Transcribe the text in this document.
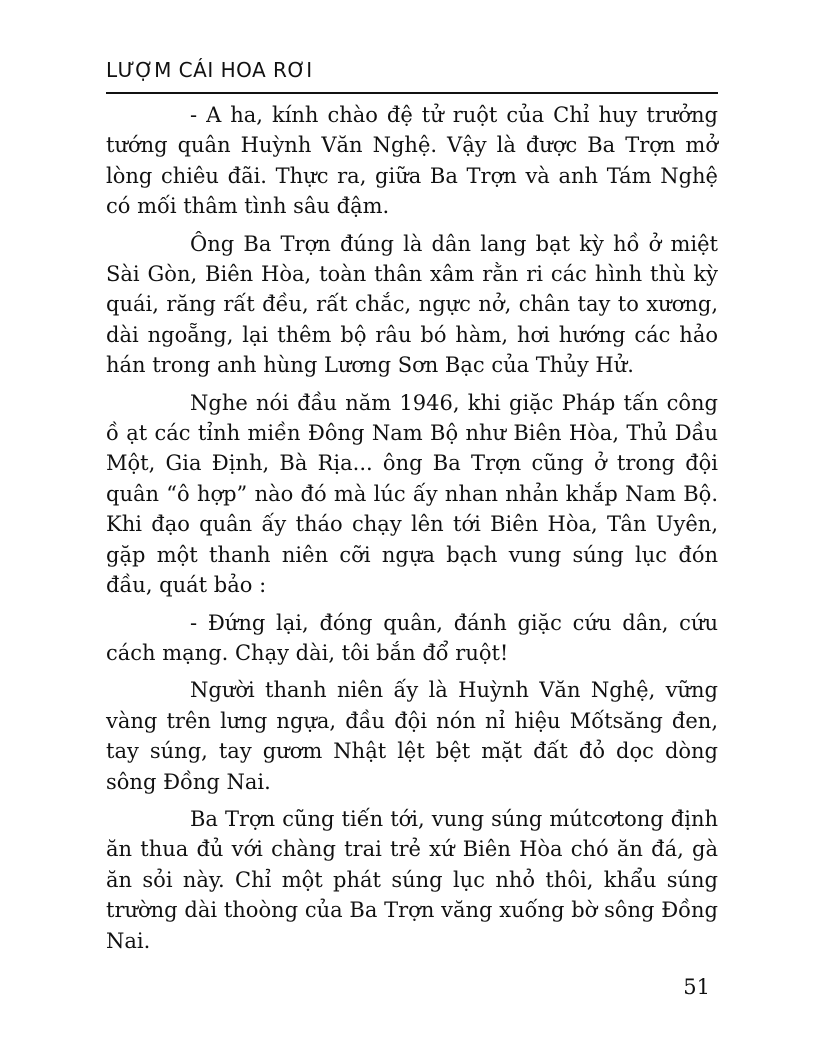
LƯỢM CÁI HOA RƠI

- A ha, kính chào đệ tử ruột của Chỉ huy trưởng tướng quân Huỳnh Văn Nghệ. Vậy là được Ba Trợn mở lòng chiêu đãi. Thực ra, giữa Ba Trợn và anh Tám Nghệ có mối thâm tình sâu đậm.

Ông Ba Trợn đúng là dân lang bạt kỳ hồ ở miệt Sài Gòn, Biên Hòa, toàn thân xâm rằn ri các hình thù kỳ quái, răng rất đều, rất chắc, ngực nở, chân tay to xương, dài ngoẵng, lại thêm bộ râu bó hàm, hơi hướng các hảo hán trong anh hùng Lương Sơn Bạc của Thủy Hử.

Nghe nói đầu năm 1946, khi giặc Pháp tấn công ồ ạt các tỉnh miền Đông Nam Bộ như Biên Hòa, Thủ Dầu Một, Gia Định, Bà Rịa... ông Ba Trợn cũng ở trong đội quân “ô hợp” nào đó mà lúc ấy nhan nhản khắp Nam Bộ. Khi đạo quân ấy tháo chạy lên tới Biên Hòa, Tân Uyên, gặp một thanh niên cỡi ngựa bạch vung súng lục đón đầu, quát bảo :

- Đứng lại, đóng quân, đánh giặc cứu dân, cứu cách mạng. Chạy dài, tôi bắn đổ ruột!

Người thanh niên ấy là Huỳnh Văn Nghệ, vững vàng trên lưng ngựa, đầu đội nón nỉ hiệu Mốtsăng đen, tay súng, tay gươm Nhật lệt bệt mặt đất đỏ dọc dòng sông Đồng Nai.

Ba Trợn cũng tiến tới, vung súng mútcơtong định ăn thua đủ với chàng trai trẻ xứ Biên Hòa chó ăn đá, gà ăn sỏi này. Chỉ một phát súng lục nhỏ thôi, khẩu súng trường dài thoòng của Ba Trợn văng xuống bờ sông Đồng Nai.

51
